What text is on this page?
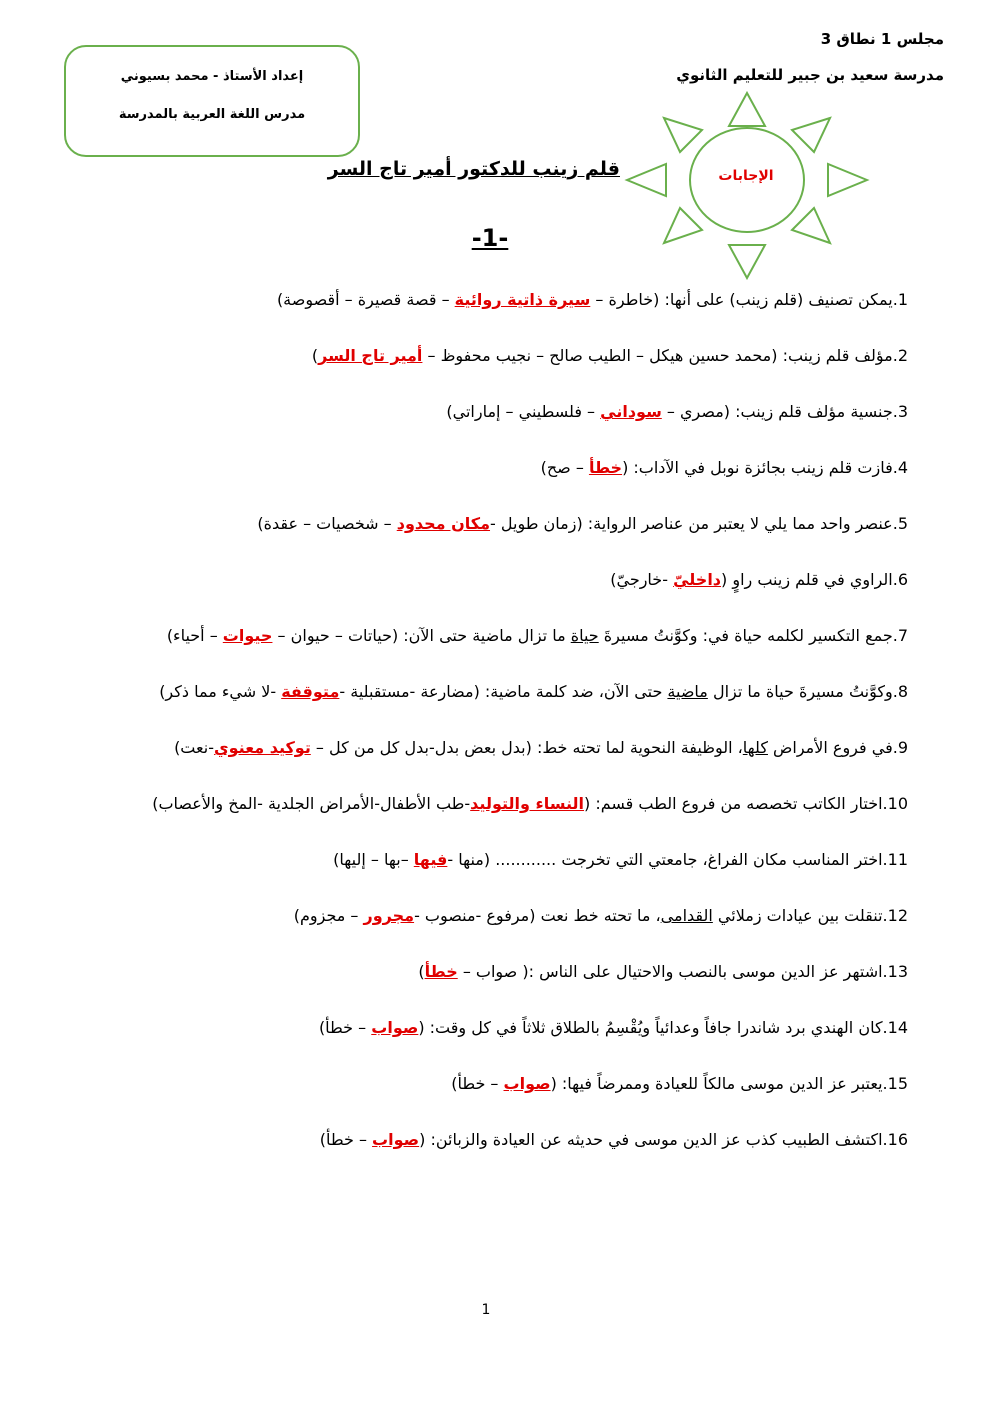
مجلس 1 نطاق 3
مدرسة سعيد بن جبير للتعليم الثانوي
إعداد الأستاذ - محمد بسيوني
مدرس اللغة العربية بالمدرسة
الإجابات
قلم زينب للدكتور أمير تاج السر
-1-
1.يمكن تصنيف (قلم زينب) على أنها: (خاطرة – سيرة ذاتية روائية – قصة قصيرة – أقصوصة)
2.مؤلف قلم زينب: (محمد حسين هيكل – الطيب صالح – نجيب محفوظ – أمير تاج السر)
3.جنسية مؤلف قلم زينب: (مصري – سوداني – فلسطيني – إماراتي)
4.فازت قلم زينب بجائزة نوبل في الآداب: (خطأ – صح)
5.عنصر واحد مما يلي لا يعتبر من عناصر الرواية: (زمان طويل -مكان محدود – شخصيات – عقدة)
6.الراوي في قلم زينب راوٍ (داخليّ -خارجيّ)
7.جمع التكسير لكلمه حياة في: وكوَّنتُ مسيرةَ حياة ما تزال ماضية حتى الآن: (حياتات – حيوان – حيوات – أحياء)
8.وكوَّنتُ مسيرةَ حياة ما تزال ماضية حتى الآن، ضد كلمة ماضية: (مضارعة -مستقبلية -متوقفة -لا شيء مما ذكر)
9.في فروع الأمراض كلها، الوظيفة النحوية لما تحته خط: (بدل بعض بدل-بدل كل من كل – توكيد معنوي-نعت)
10.اختار الكاتب تخصصه من فروع الطب قسم: (النساء والتوليد-طب الأطفال-الأمراض الجلدية -المخ والأعصاب)
11.اختر المناسب مكان الفراغ، جامعتي التي تخرجت ............ (منها -فيها –بها – إليها)
12.تنقلت بين عيادات زملائي القدامى، ما تحته خط نعت (مرفوع -منصوب -مجرور – مجزوم)
13.اشتهر عز الدين موسى بالنصب والاحتيال على الناس :( صواب – خطأ)
14.كان الهندي برد شاندرا جافاً وعدائياً ويُقْسِمُ بالطلاق ثلاثاً في كل وقت: (صواب – خطأ)
15.يعتبر عز الدين موسى مالكاً للعيادة وممرضاً فيها: (صواب – خطأ)
16.اكتشف الطبيب كذب عز الدين موسى في حديثه عن العيادة والزبائن: (صواب – خطأ)
1
